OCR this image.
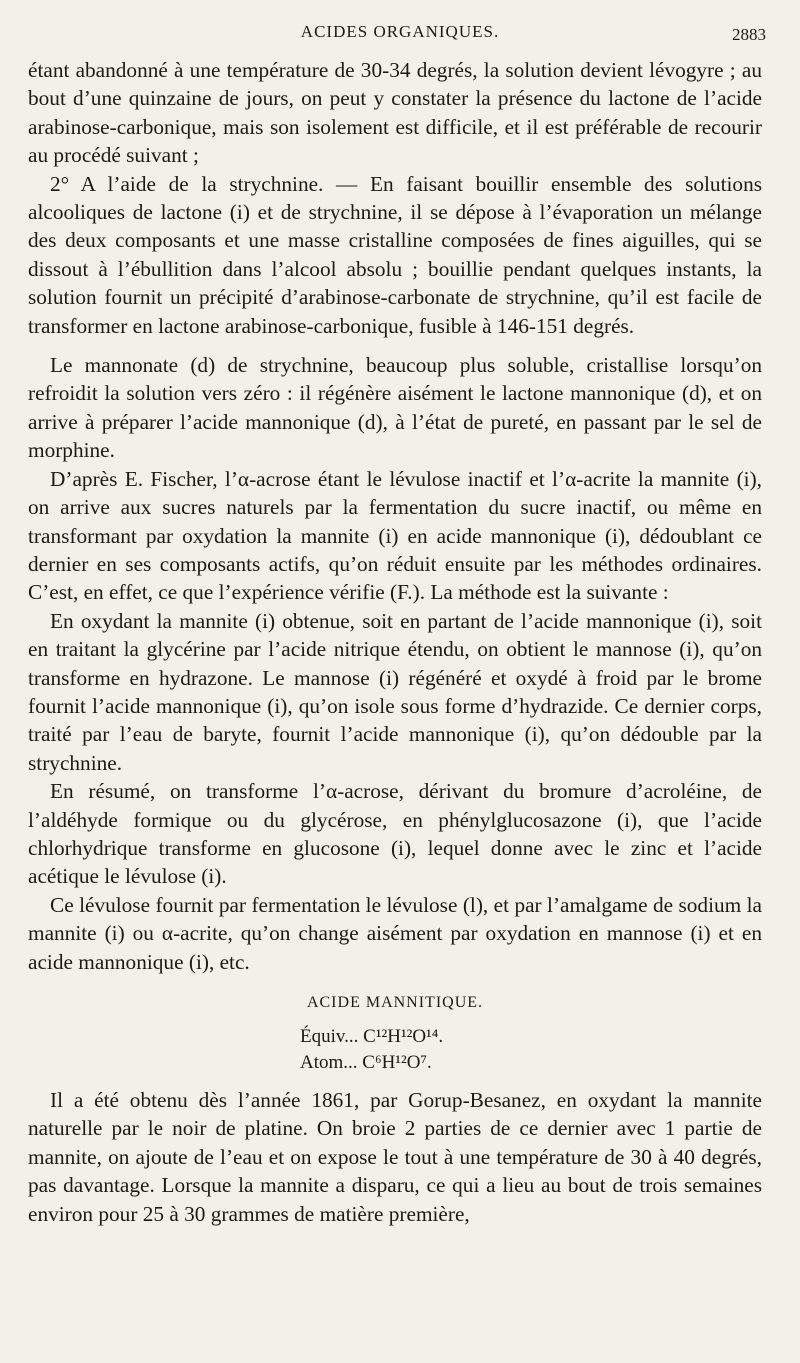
ACIDES ORGANIQUES.	2883

étant abandonné à une température de 30-34 degrés, la solution devient lévogyre ; au bout d’une quinzaine de jours, on peut y constater la présence du lactone de l’acide arabinose-carbonique, mais son isolement est difficile, et il est préférable de recourir au procédé suivant ;

2° A l’aide de la strychnine. — En faisant bouillir ensemble des solutions alcooliques de lactone (i) et de strychnine, il se dépose à l’évaporation un mélange des deux composants et une masse cristalline composées de fines aiguilles, qui se dissout à l’ébullition dans l’alcool absolu ; bouillie pendant quelques instants, la solution fournit un précipité d’arabinose-carbonate de strychnine, qu’il est facile de transformer en lactone arabinose-carbonique, fusible à 146-151 degrés.

Le mannonate (d) de strychnine, beaucoup plus soluble, cristallise lorsqu’on refroidit la solution vers zéro : il régénère aisément le lactone mannonique (d), et on arrive à préparer l’acide mannonique (d), à l’état de pureté, en passant par le sel de morphine.

D’après E. Fischer, l’α-acrose étant le lévulose inactif et l’α-acrite la mannite (i), on arrive aux sucres naturels par la fermentation du sucre inactif, ou même en transformant par oxydation la mannite (i) en acide mannonique (i), dédoublant ce dernier en ses composants actifs, qu’on réduit ensuite par les méthodes ordinaires. C’est, en effet, ce que l’expérience vérifie (F.). La méthode est la suivante :

En oxydant la mannite (i) obtenue, soit en partant de l’acide mannonique (i), soit en traitant la glycérine par l’acide nitrique étendu, on obtient le mannose (i), qu’on transforme en hydrazone. Le mannose (i) régénéré et oxydé à froid par le brome fournit l’acide mannonique (i), qu’on isole sous forme d’hydrazide. Ce dernier corps, traité par l’eau de baryte, fournit l’acide mannonique (i), qu’on dédouble par la strychnine.

En résumé, on transforme l’α-acrose, dérivant du bromure d’acroléine, de l’aldéhyde formique ou du glycérose, en phénylglucosazone (i), que l’acide chlorhydrique transforme en glucosone (i), lequel donne avec le zinc et l’acide acétique le lévulose (i).

Ce lévulose fournit par fermentation le lévulose (l), et par l’amalgame de sodium la mannite (i) ou α-acrite, qu’on change aisément par oxydation en mannose (i) et en acide mannonique (i), etc.

ACIDE MANNITIQUE.
Équiv... C¹²H¹²O¹⁴.
Atom... C⁶H¹²O⁷.

Il a été obtenu dès l’année 1861, par Gorup-Besanez, en oxydant la mannite naturelle par le noir de platine. On broie 2 parties de ce dernier avec 1 partie de mannite, on ajoute de l’eau et on expose le tout à une température de 30 à 40 degrés, pas davantage. Lorsque la mannite a disparu, ce qui a lieu au bout de trois semaines environ pour 25 à 30 grammes de matière première,
